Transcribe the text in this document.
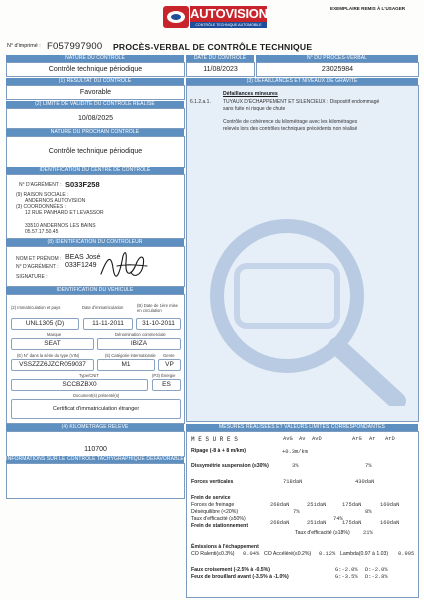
AUTOVISION
CONTRÔLE TECHNIQUE AUTOMOBILE
EXEMPLAIRE REMIS À L'USAGER
N° d'imprimé : F057997900 PROCÈS-VERBAL DE CONTRÔLE TECHNIQUE
NATURE DU CONTRÔLE
Contrôle technique périodique
DATE DU CONTRÔLE
11/08/2023
N° DU PROCÈS-VERBAL
23025984
(1) RÉSULTAT DU CONTRÔLE
Favorable
(2) LIMITE DE VALIDITÉ DU CONTRÔLE RÉALISÉ
10/08/2025
NATURE DU PROCHAIN CONTRÔLE
Contrôle technique périodique
(3) DÉFAILLANCES ET NIVEAUX DE GRAVITÉ
Défaillances mineures
6.1.2.a.1. TUYAUX D'ÉCHAPPEMENT ET SILENCIEUX : Dispositif endommagé
sans fuite ni risque de chute
Contrôle de cohérence du kilométrage avec les kilométrages
relevés lors des contrôles techniques précédents non réalisé
IDENTIFICATION DU CENTRE DE CONTRÔLE
N° D'AGRÉMENT : S033F258
(9) RAISON SOCIALE :
ANDERNOS AUTOVISION
(3) COORDONNÉES :
12 RUE PANHARD ET LEVASSOR
33510 ANDERNOS LES BAINS
05.57.17.50.45
(8) IDENTIFICATION DU CONTRÔLEUR
NOM ET PRÉNOM : BEAS José
N° D'AGRÉMENT : 033F1249
SIGNATURE :
IDENTIFICATION DU VÉHICULE
(2) Immatriculation et pays	Date d'immatriculation	(B) Date de 1ère mise en circulation
UNL1305 (D)	11-11-2011	31-10-2011
Marque	Dénomination commerciale
SEAT	IBIZA
(E) N° dans la série du type (VIN)	(5) Catégorie internationale Genre
VSSZZZ6JZCR059037	M1	VP
Type/CNIT	(P3) Énergie
SCCBZBX0	ES
Document(s) présenté(s)
Certificat d'immatriculation étranger
(4) KILOMÉTRAGE RELEVÉ
110700
INFORMATIONS SUR LE CONTRÔLE TACHYGRAPHIQUE DÉFAVORABLE
MESURES RÉALISÉES ET VALEURS LIMITES CORRESPONDANTES
M E S U R E S	AvG Av AvD	ArG Ar ArD
Ripage (-8 à + 8 m/km)	+0.3m/km
Dissymétrie suspension (≤30%)	3%	7%
Forces verticales	718daN	430daN
Frein de service
Forces de freinage	268daN	251daN	175daN	160daN
Déséquilibre (<20%)	7%	8%
Taux d'efficacité (≥50%)	74%
Frein de stationnement	268daN	251daN	175daN	160daN
Taux d'efficacité (≥18%) 21%
Émissions à l'échappement
CO Ralenti(≤0.3%) 0.04% CO Accéléré(≤0.2%) 0.12% Lambda(0.97 à 1.03) 0.995
Faux croisement (-2.5% à -0.5%)	G:-2.0% D:-2.0%
Feux de brouillard avant (-3.5% à -1.0%)	G:-3.5% D:-2.8%
